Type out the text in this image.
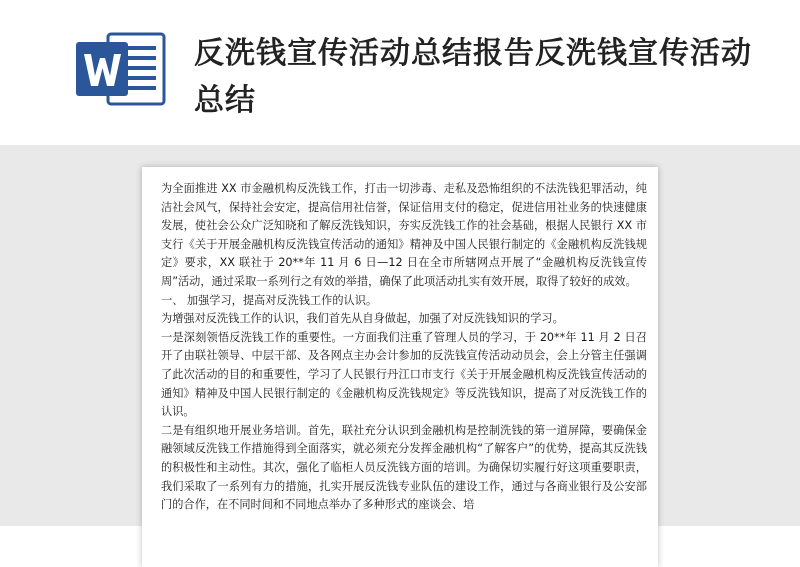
反洗钱宣传活动总结报告反洗钱宣传活动总结

为全面推进 XX 市金融机构反洗钱工作，打击一切涉毒、走私及恐怖组织的不法洗钱犯罪活动，纯洁社会风气，保持社会安定，提高信用社信誉，保证信用支付的稳定，促进信用社业务的快速健康发展，使社会公众广泛知晓和了解反洗钱知识，夯实反洗钱工作的社会基础，根据人民银行 XX 市支行《关于开展金融机构反洗钱宣传活动的通知》精神及中国人民银行制定的《金融机构反洗钱规定》要求，XX 联社于 20**年 11 月 6 日—12 日在全市所辖网点开展了“金融机构反洗钱宣传周”活动，通过采取一系列行之有效的举措，确保了此项活动扎实有效开展，取得了较好的成效。

一、 加强学习，提高对反洗钱工作的认识。

为增强对反洗钱工作的认识，我们首先从自身做起，加强了对反洗钱知识的学习。

一是深刻领悟反洗钱工作的重要性。一方面我们注重了管理人员的学习，于 20**年 11 月 2 日召开了由联社领导、中层干部、及各网点主办会计参加的反洗钱宣传活动动员会，会上分管主任强调了此次活动的目的和重要性，学习了人民银行丹江口市支行《关于开展金融机构反洗钱宣传活动的通知》精神及中国人民银行制定的《金融机构反洗钱规定》等反洗钱知识，提高了对反洗钱工作的认识。

二是有组织地开展业务培训。首先，联社充分认识到金融机构是控制洗钱的第一道屏障，要确保金融领域反洗钱工作措施得到全面落实，就必须充分发挥金融机构“了解客户”的优势，提高其反洗钱的积极性和主动性。其次，强化了临柜人员反洗钱方面的培训。为确保切实履行好这项重要职责，我们采取了一系列有力的措施，扎实开展反洗钱专业队伍的建设工作，通过与各商业银行及公安部门的合作，在不同时间和不同地点举办了多种形式的座谈会、培
